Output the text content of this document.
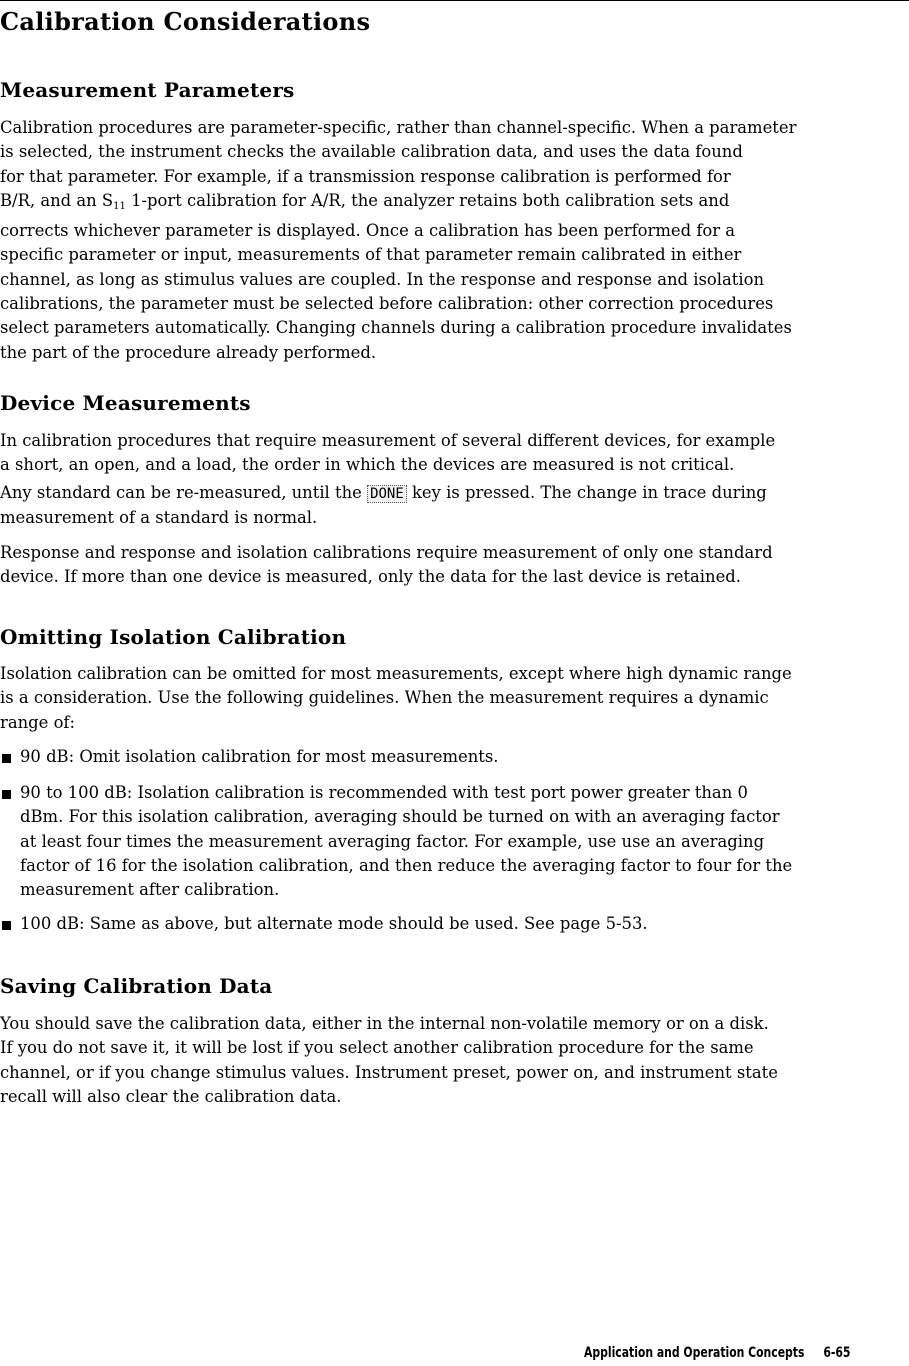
Calibration Considerations
Measurement Parameters
Calibration procedures are parameter-specific, rather than channel-specific. When a parameter
is selected, the instrument checks the available calibration data, and uses the data found
for that parameter. For example, if a transmission response calibration is performed for
B/R, and an $S_{11}$ 1-port calibration for A/R, the analyzer retains both calibration sets and
corrects whichever parameter is displayed. Once a calibration has been performed for a
specific parameter or input, measurements of that parameter remain calibrated in either
channel, as long as stimulus values are coupled. In the response and response and isolation
calibrations, the parameter must be selected before calibration: other correction procedures
select parameters automatically. Changing channels during a calibration procedure invalidates
the part of the procedure already performed.
Device Measurements
In calibration procedures that require measurement of several different devices, for example
a short, an open, and a load, the order in which the devices are measured is not critical.
Any standard can be re-measured, until the DONE key is pressed. The change in trace during
measurement of a standard is normal.
Response and response and isolation calibrations require measurement of only one standard
device. If more than one device is measured, only the data for the last device is retained.
Omitting Isolation Calibration
Isolation calibration can be omitted for most measurements, except where high dynamic range
is a consideration. Use the following guidelines. When the measurement requires a dynamic
range of:
90 dB: Omit isolation calibration for most measurements.
90 to 100 dB: Isolation calibration is recommended with test port power greater than 0
dBm. For this isolation calibration, averaging should be turned on with an averaging factor
at least four times the measurement averaging factor. For example, use use an averaging
factor of 16 for the isolation calibration, and then reduce the averaging factor to four for the
measurement after calibration.
100 dB: Same as above, but alternate mode should be used. See page 5-53.
Saving Calibration Data
You should save the calibration data, either in the internal non-volatile memory or on a disk.
If you do not save it, it will be lost if you select another calibration procedure for the same
channel, or if you change stimulus values. Instrument preset, power on, and instrument state
recall will also clear the calibration data.
Application and Operation Concepts 6-65
